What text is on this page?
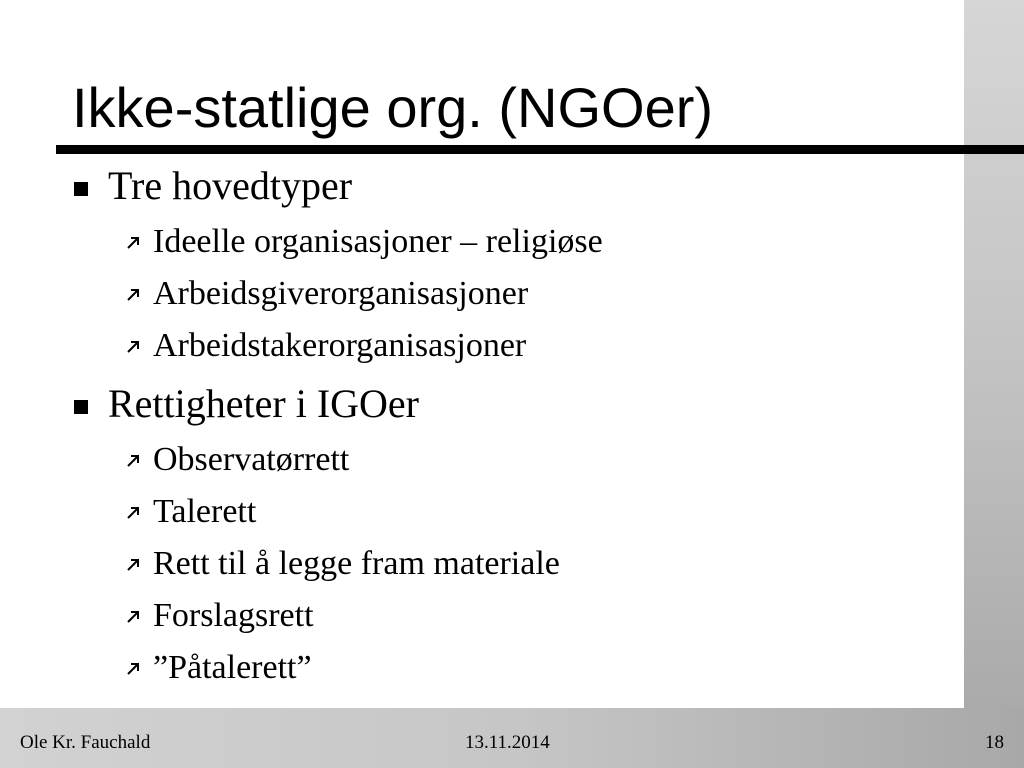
Ikke-statlige org. (NGOer)
Tre hovedtyper
Ideelle organisasjoner – religiøse
Arbeidsgiverorganisasjoner
Arbeidstakerorganisasjoner
Rettigheter i IGOer
Observatørrett
Talerett
Rett til å legge fram materiale
Forslagsrett
”Påtalerett”
Ole Kr. Fauchald	13.11.2014	18
